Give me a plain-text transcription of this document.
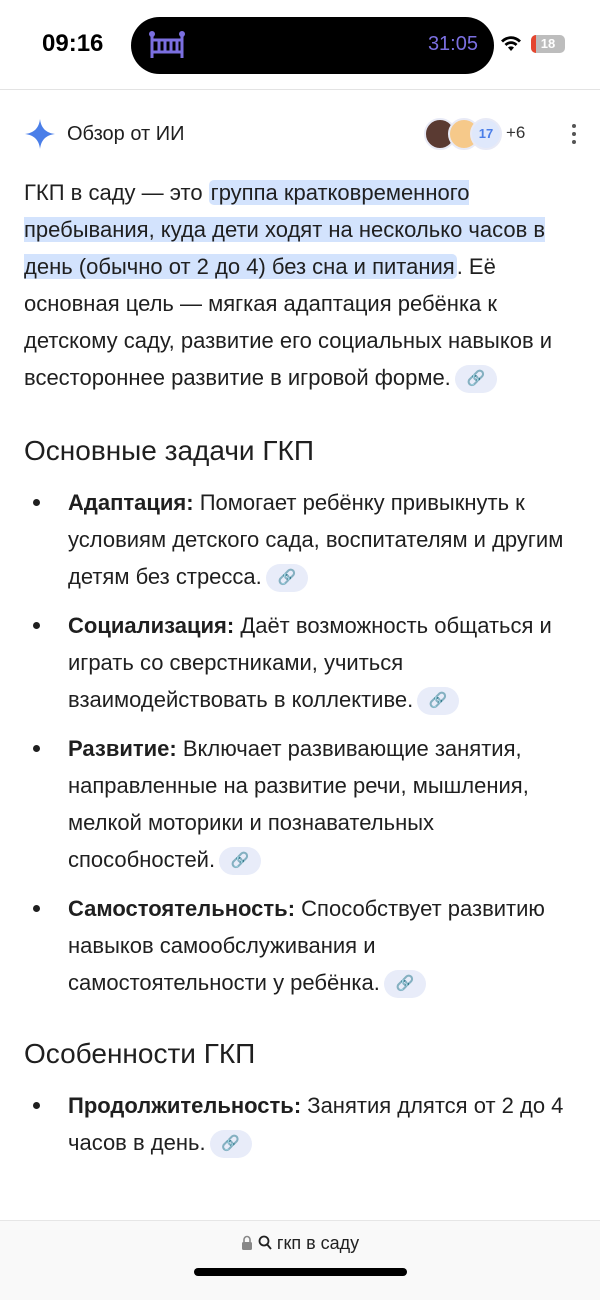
09:16	31:05	18
Обзор от ИИ	17 +6

ГКП в саду — это группа кратковременного пребывания, куда дети ходят на несколько часов в день (обычно от 2 до 4) без сна и питания. Её основная цель — мягкая адаптация ребёнка к детскому саду, развитие его социальных навыков и всестороннее развитие в игровой форме. 🔗

Основные задачи ГКП
Адаптация: Помогает ребёнку привыкнуть к условиям детского сада, воспитателям и другим детям без стресса. 🔗
Социализация: Даёт возможность общаться и играть со сверстниками, учиться взаимодействовать в коллективе. 🔗
Развитие: Включает развивающие занятия, направленные на развитие речи, мышления, мелкой моторики и познавательных способностей. 🔗
Самостоятельность: Способствует развитию навыков самообслуживания и самостоятельности у ребёнка. 🔗
Особенности ГКП
Продолжительность: Занятия длятся от 2 до 4 часов в день. 🔗
гкп в саду
